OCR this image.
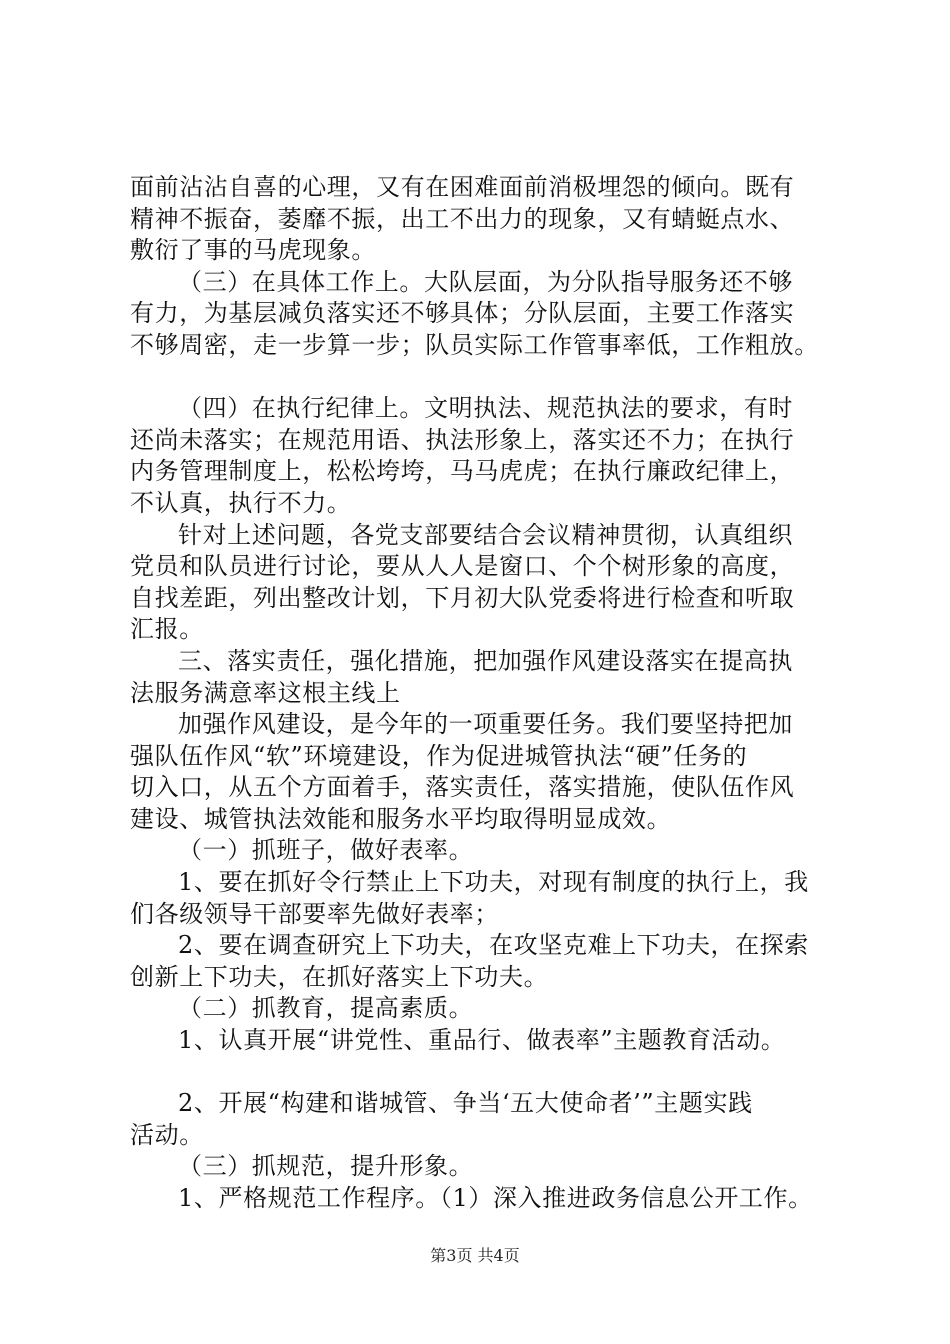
面前沾沾自喜的心理，又有在困难面前消极埋怨的倾向。既有
精神不振奋，萎靡不振，出工不出力的现象，又有蜻蜓点水、
敷衍了事的马虎现象。
（三）在具体工作上。大队层面，为分队指导服务还不够
有力，为基层减负落实还不够具体；分队层面，主要工作落实
不够周密，走一步算一步；队员实际工作管事率低，工作粗放。
（四）在执行纪律上。文明执法、规范执法的要求，有时
还尚未落实；在规范用语、执法形象上，落实还不力；在执行
内务管理制度上，松松垮垮，马马虎虎；在执行廉政纪律上，
不认真，执行不力。
针对上述问题，各党支部要结合会议精神贯彻，认真组织
党员和队员进行讨论，要从人人是窗口、个个树形象的高度，
自找差距，列出整改计划，下月初大队党委将进行检查和听取
汇报。
三、落实责任，强化措施，把加强作风建设落实在提高执
法服务满意率这根主线上
加强作风建设，是今年的一项重要任务。我们要坚持把加
强队伍作风“软”环境建设，作为促进城管执法“硬”任务的
切入口，从五个方面着手，落实责任，落实措施，使队伍作风
建设、城管执法效能和服务水平均取得明显成效。
（一）抓班子，做好表率。
1、要在抓好令行禁止上下功夫，对现有制度的执行上，我
们各级领导干部要率先做好表率；
2、要在调查研究上下功夫，在攻坚克难上下功夫，在探索
创新上下功夫，在抓好落实上下功夫。
（二）抓教育，提高素质。
1、认真开展“讲党性、重品行、做表率”主题教育活动。
2、开展“构建和谐城管、争当‘五大使命者’”主题实践
活动。
（三）抓规范，提升形象。
1、严格规范工作程序。（1）深入推进政务信息公开工作。
第3页 共4页
